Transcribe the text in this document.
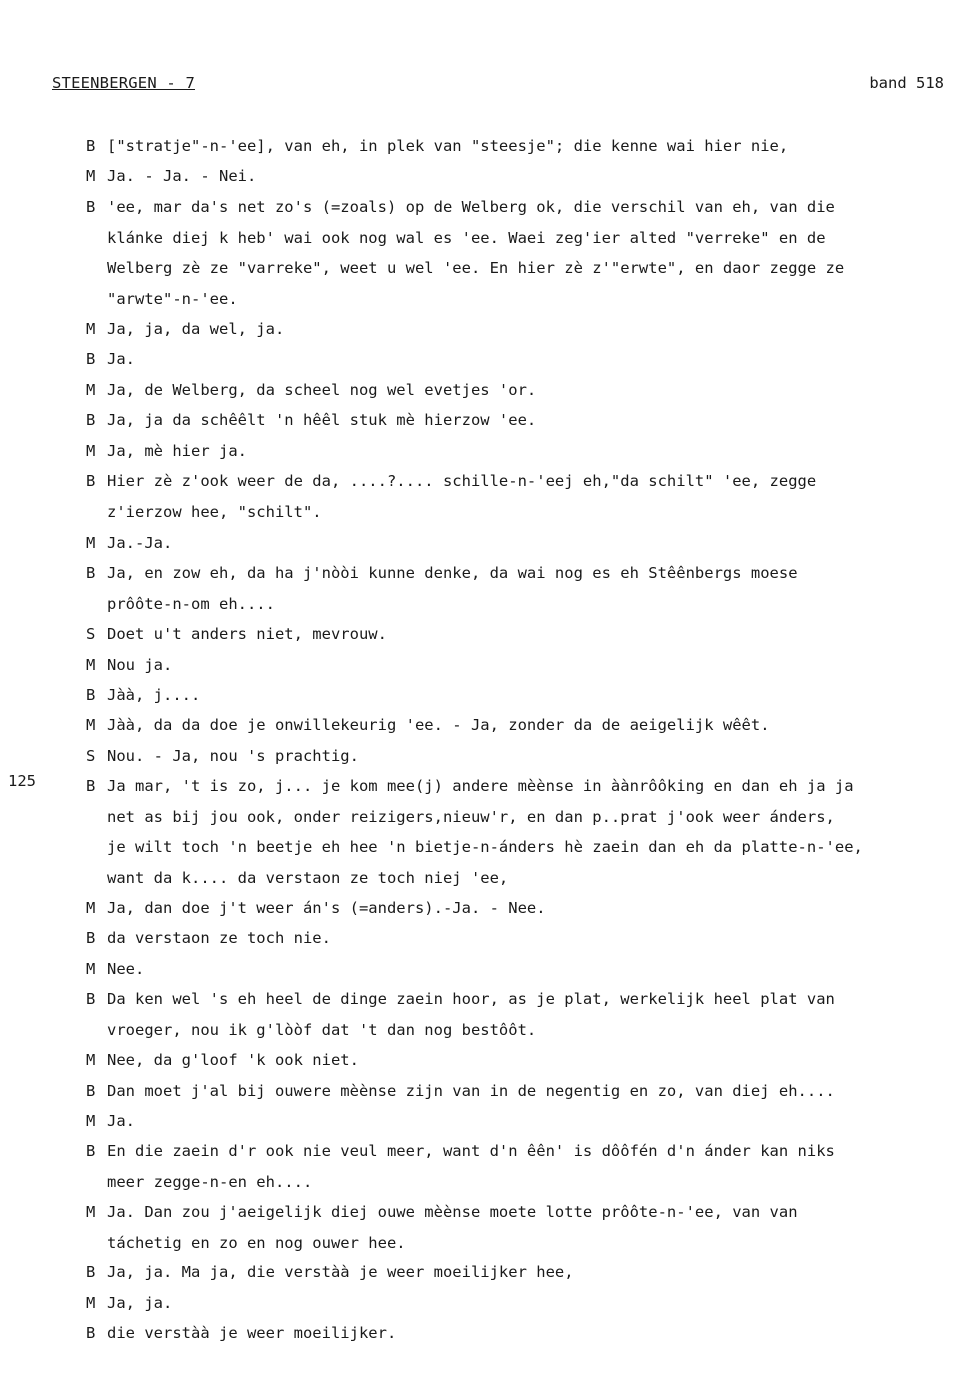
STEENBERGEN - 7	band 518
125
B ["stratje"-n-'ee], van eh, in plek van "steesje"; die kenne wai hier nie,
M Ja. - Ja. - Nei.
B 'ee, mar da's net zo's (=zoals) op de Welberg ok, die verschil van eh, van die
klánke diej k heb' wai ook nog wal es 'ee. Waei zeg'ier alted "verreke" en de
Welberg zè ze "varreke", weet u wel 'ee. En hier zè z'"erwte", en daor zegge ze
"arwte"-n-'ee.
M Ja, ja, da wel, ja.
B Ja.
M Ja, de Welberg, da scheel nog wel evetjes 'or.
B Ja, ja da schêêlt 'n hêêl stuk mè hierzow 'ee.
M Ja, mè hier ja.
B Hier zè z'ook weer de da, ....?.... schille-n-'eej eh,"da schilt" 'ee, zegge
z'ierzow hee, "schilt".
M Ja.-Ja.
B Ja, en zow eh, da ha j'nòòi kunne denke, da wai nog es eh Stêênbergs moese
prôôte-n-om eh....
S Doet u't anders niet, mevrouw.
M Nou ja.
B Jàà, j....
M Jàà, da da doe je onwillekeurig 'ee. - Ja, zonder da de aeigelijk wêêt.
S Nou. - Ja, nou 's prachtig.
B Ja mar, 't is zo, j... je kom mee(j) andere mèènse in àànrôôking en dan eh ja ja
net as bij jou ook, onder reizigers,nieuw'r, en dan p..prat j'ook weer ánders,
je wilt toch 'n beetje eh hee 'n bietje-n-ánders hè zaein dan eh da platte-n-'ee,
want da k.... da verstaon ze toch niej 'ee,
M Ja, dan doe j't weer án's (=anders).-Ja. - Nee.
B da verstaon ze toch nie.
M Nee.
B Da ken wel 's eh heel de dinge zaein hoor, as je plat, werkelijk heel plat van
vroeger, nou ik g'lòòf dat 't dan nog bestôôt.
M Nee, da g'loof 'k ook niet.
B Dan moet j'al bij ouwere mèènse zijn van in de negentig en zo, van diej eh....
M Ja.
B En die zaein d'r ook nie veul meer, want d'n êên' is dôôfén d'n ánder kan niks
meer zegge-n-en eh....
M Ja. Dan zou j'aeigelijk diej ouwe mèènse moete lotte prôôte-n-'ee, van van
táchetig en zo en nog ouwer hee.
B Ja, ja. Ma ja, die verstàà je weer moeilijker hee,
M Ja, ja.
B die verstàà je weer moeilijker.
